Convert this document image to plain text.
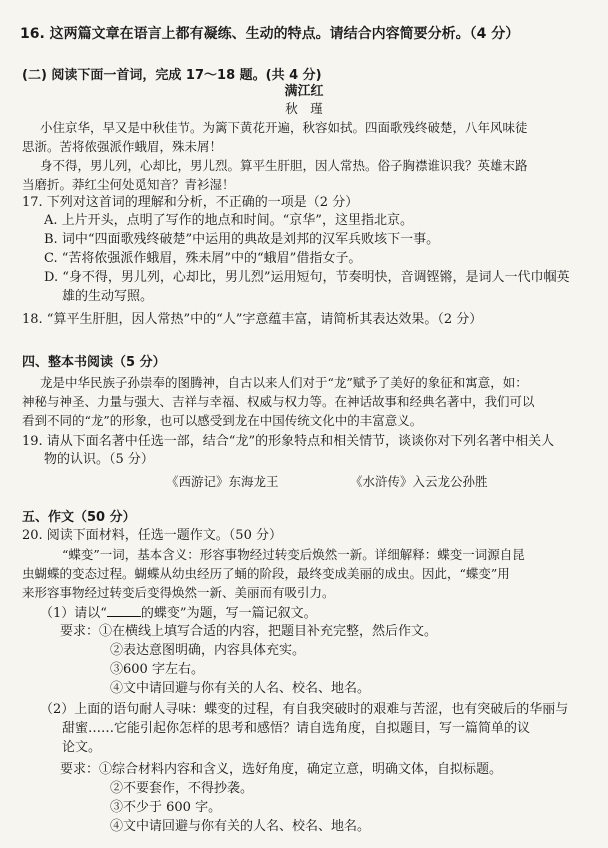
16. 这两篇文章在语言上都有凝练、生动的特点。请结合内容简要分析。（4 分）
(二) 阅读下面一首词，完成 17～18 题。(共 4 分)
满江红
秋　瑾
小住京华，早又是中秋佳节。为篱下黄花开遍，秋容如拭。四面歌残终破楚，八年风味徒
思浙。苦将侬强派作蛾眉，殊未屑！
身不得，男儿列，心却比，男儿烈。算平生肝胆，因人常热。俗子胸襟谁识我？英雄末路
当磨折。莽红尘何处觅知音？青衫湿！
17. 下列对这首词的理解和分析，不正确的一项是（2 分）
A. 上片开头，点明了写作的地点和时间。“京华”，这里指北京。
B. 词中“四面歌残终破楚”中运用的典故是刘邦的汉军兵败垓下一事。
C. “苦将侬强派作蛾眉，殊未屑”中的“蛾眉”借指女子。
D. “身不得，男儿列，心却比，男儿烈”运用短句，节奏明快，音调铿锵，是词人一代巾帼英
雄的生动写照。
18. “算平生肝胆，因人常热”中的“人”字意蕴丰富，请简析其表达效果。（2 分）
四、整本书阅读（5 分）
龙是中华民族子孙崇奉的图腾神，自古以来人们对于“龙”赋予了美好的象征和寓意，如：
神秘与神圣、力量与强大、吉祥与幸福、权威与权力等。在神话故事和经典名著中，我们可以
看到不同的“龙”的形象，也可以感受到龙在中国传统文化中的丰富意义。
19. 请从下面名著中任选一部，结合“龙”的形象特点和相关情节，谈谈你对下列名著中相关人
物的认识。（5 分）
《西游记》东海龙王	《水浒传》入云龙公孙胜
五、作文（50 分）
20. 阅读下面材料，任选一题作文。（50 分）
“蝶变”一词，基本含义：形容事物经过转变后焕然一新。详细解释：蝶变一词源自昆
虫蝴蝶的变态过程。蝴蝶从幼虫经历了蛹的阶段，最终变成美丽的成虫。因此，“蝶变”用
来形容事物经过转变后变得焕然一新、美丽而有吸引力。
（1）请以“	的蝶变”为题，写一篇记叙文。
要求：①在横线上填写合适的内容，把题目补充完整，然后作文。
②表达意图明确，内容具体充实。
③600 字左右。
④文中请回避与你有关的人名、校名、地名。
（2）上面的语句耐人寻味：蝶变的过程，有自我突破时的艰难与苦涩，也有突破后的华丽与
甜蜜……它能引起你怎样的思考和感悟？请自选角度，自拟题目，写一篇简单的议
论文。
要求：①综合材料内容和含义，选好角度，确定立意，明确文体，自拟标题。
②不要套作，不得抄袭。
③不少于 600 字。
④文中请回避与你有关的人名、校名、地名。
